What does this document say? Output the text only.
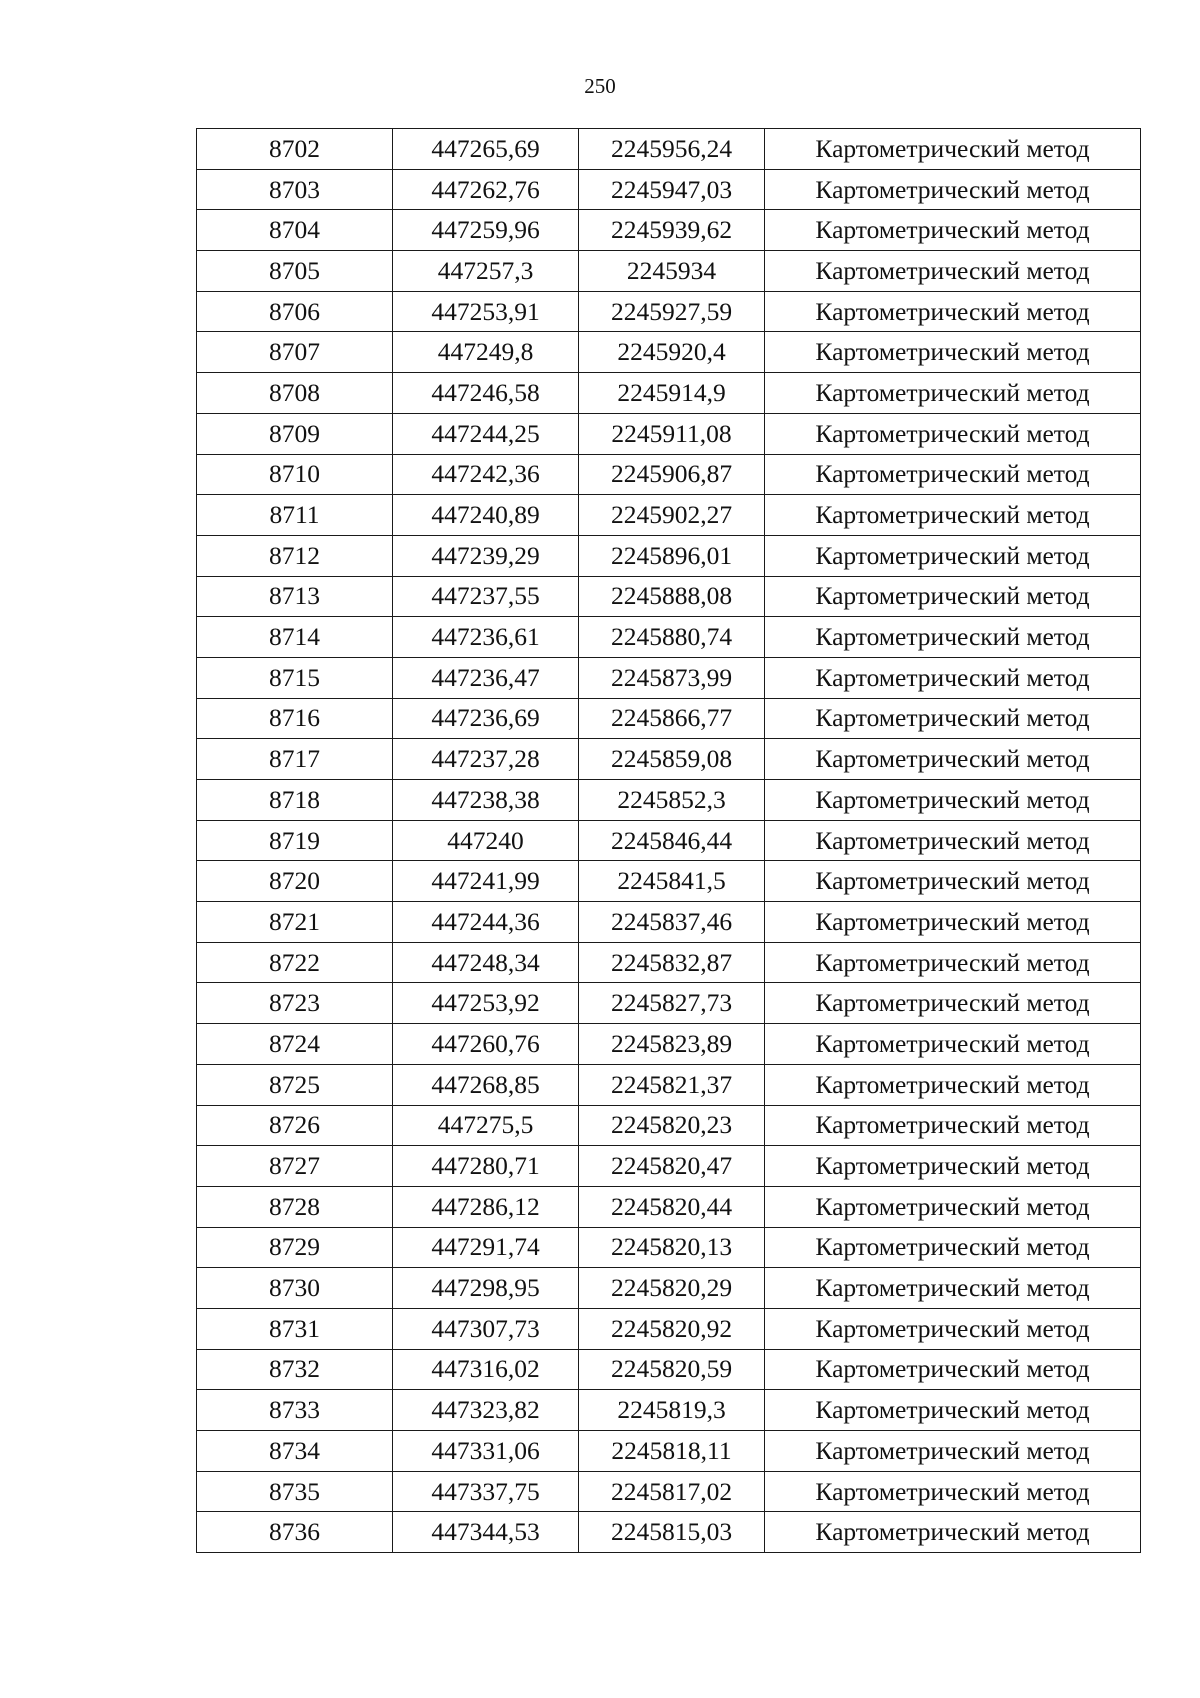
250
8702	447265,69	2245956,24	Картометрический метод
8703	447262,76	2245947,03	Картометрический метод
8704	447259,96	2245939,62	Картометрический метод
8705	447257,3	2245934	Картометрический метод
8706	447253,91	2245927,59	Картометрический метод
8707	447249,8	2245920,4	Картометрический метод
8708	447246,58	2245914,9	Картометрический метод
8709	447244,25	2245911,08	Картометрический метод
8710	447242,36	2245906,87	Картометрический метод
8711	447240,89	2245902,27	Картометрический метод
8712	447239,29	2245896,01	Картометрический метод
8713	447237,55	2245888,08	Картометрический метод
8714	447236,61	2245880,74	Картометрический метод
8715	447236,47	2245873,99	Картометрический метод
8716	447236,69	2245866,77	Картометрический метод
8717	447237,28	2245859,08	Картометрический метод
8718	447238,38	2245852,3	Картометрический метод
8719	447240	2245846,44	Картометрический метод
8720	447241,99	2245841,5	Картометрический метод
8721	447244,36	2245837,46	Картометрический метод
8722	447248,34	2245832,87	Картометрический метод
8723	447253,92	2245827,73	Картометрический метод
8724	447260,76	2245823,89	Картометрический метод
8725	447268,85	2245821,37	Картометрический метод
8726	447275,5	2245820,23	Картометрический метод
8727	447280,71	2245820,47	Картометрический метод
8728	447286,12	2245820,44	Картометрический метод
8729	447291,74	2245820,13	Картометрический метод
8730	447298,95	2245820,29	Картометрический метод
8731	447307,73	2245820,92	Картометрический метод
8732	447316,02	2245820,59	Картометрический метод
8733	447323,82	2245819,3	Картометрический метод
8734	447331,06	2245818,11	Картометрический метод
8735	447337,75	2245817,02	Картометрический метод
8736	447344,53	2245815,03	Картометрический метод
